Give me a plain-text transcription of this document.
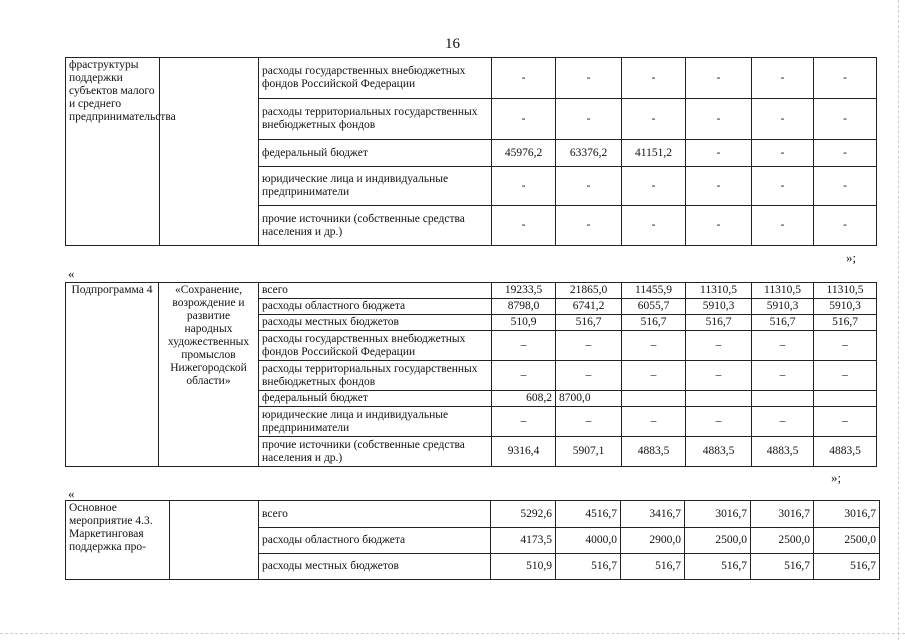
16
фраструктуры поддержки субъектов малого и среднего предпринимательства		расходы государственных внебюджетных фондов Российской Федерации	-	-	-	-	-	-
		расходы территориальных государственных внебюджетных фондов	-	-	-	-	-	-
		федеральный бюджет	45976,2	63376,2	41151,2	-	-	-
		юридические лица и индивидуальные предприниматели	-	-	-	-	-	-
		прочие источники (собственные средства населения и др.)	-	-	-	-	-	-
»;
«
Подпрограмма 4	«Сохранение, возрождение и развитие народных художественных промыслов Нижегородской области»	всего	19233,5	21865,0	11455,9	11310,5	11310,5	11310,5
		расходы областного бюджета	8798,0	6741,2	6055,7	5910,3	5910,3	5910,3
		расходы местных бюджетов	510,9	516,7	516,7	516,7	516,7	516,7
		расходы государственных внебюджетных фондов Российской Федерации	–	–	–	–	–	–
		расходы территориальных государственных внебюджетных фондов	–	–	–	–	–	–
		федеральный бюджет	608,2	8700,0				
		юридические лица и индивидуальные предприниматели	–	–	–	–	–	–
		прочие источники (собственные средства населения и др.)	9316,4	5907,1	4883,5	4883,5	4883,5	4883,5
»;
«
Основное мероприятие 4.3. Маркетинговая поддержка про-		всего	5292,6	4516,7	3416,7	3016,7	3016,7	3016,7
		расходы областного бюджета	4173,5	4000,0	2900,0	2500,0	2500,0	2500,0
		расходы местных бюджетов	510,9	516,7	516,7	516,7	516,7	516,7
